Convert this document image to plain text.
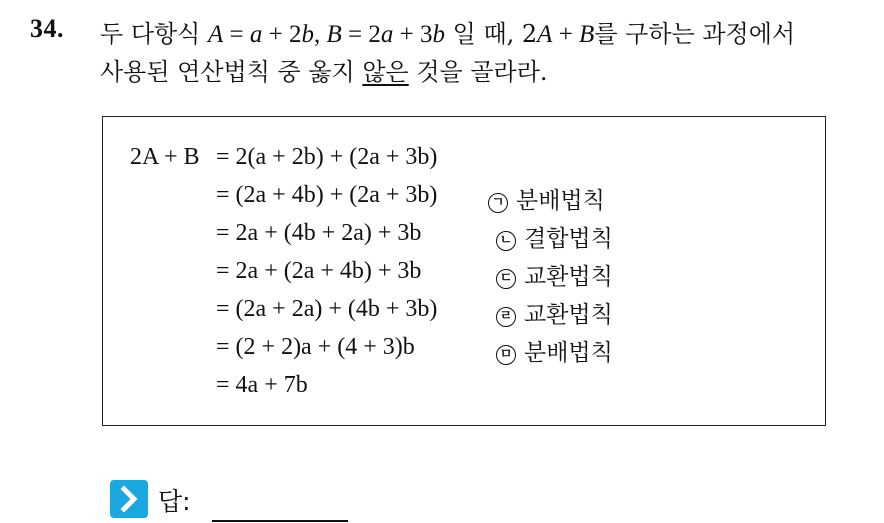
34. 두 다항식 A = a + 2b, B = 2a + 3b 일 때, 2A + B를 구하는 과정에서
사용된 연산법칙 중 옳지 않은 것을 골라라.
2A + B = 2(a + 2b) + (2a + 3b)
= (2a + 4b) + (2a + 3b)	ㄱ 분배법칙
= 2a + (4b + 2a) + 3b	ㄴ 결합법칙
= 2a + (2a + 4b) + 3b	ㄷ 교환법칙
= (2a + 2a) + (4b + 3b)	ㄹ 교환법칙
= (2 + 2)a + (4 + 3)b	ㅁ 분배법칙
= 4a + 7b
답:
